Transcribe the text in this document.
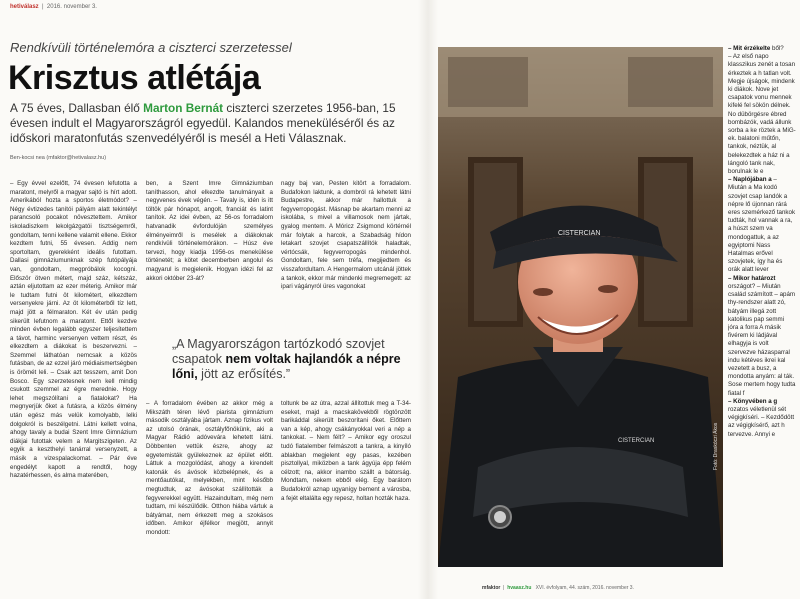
hetiválasz  |  2016. november 3.
Rendkívüli történelemóra a ciszterci szerzetessel
Krisztus atlétája
A 75 éves, Dallasban élő Marton Bernát ciszterci szerzetes 1956-ban, 15 évesen indult el Magyarországról egyedül. Kalandos meneküléséről és az időskori maratonfutás szenvedélyéről is mesél a Heti Válasznak.
Ben-kocsi nea (mfaktor@hetivalasz.hu)

– Egy évvel ezelőtt, 74 évesen lefutotta a maratont, melyről a magyar sajtó is hírt adott. Amerikából hozta a sportos életmódot? – Négy évtizedes tanítói pályám alatt tekintélyt parancsoló pocakot növesztettem. Amikor iskoladiszkem lekolgázgatói tisztségemről, gondoltam, tenni kellene valamit ellene. Ekkor kezdtem futni, 55 évesen. Addig nem sportoltam, gyerekként ideális futottam. Dallasi gimnáziumunknak szép futópályája van, gondoltam, megpróbálok kocogni. Először ötven métert, majd száz, kétszáz, aztán eljutottam az ezer méterig. Amikor már le tudtam futni öt kilométert, elkezdtem versenyekre járni. Az öt kilométerből tíz lett, majd jött a félmaraton. Két év után pedig sikerült lefutnom a maratont. Ettől kezdve minden évben legalább egyszer teljesítettem a távot, harminc versenyen vettem részt, és elkezdtem a diákokat is beszervezni. – Szemmel láthatóan nemcsak a közös futásban, de az ezzel járó médiaismertségben is örömét leli. – Csak azt tesszem, amit Don Bosco. Egy szerzetesnek nem kell mindig csukott szemmel az égre merednie. Hogy lehet megszólítani a fiatalokat? Ha megnyerjük őket a futásra, a közös élmény után egész más velük komolyabb, lelki dolgokról is beszélgetni. Látni kellett volna, ahogy tavaly a budai Szent Imre Gimnázium diákjai futottak velem a Margitszigeten. Az egyik a keszthelyi tanárral versenyzett, a másik a vizespalackomat. – Pár éve engedélyt kapott a rendtől, hogy hazatérhessen, és alma materében,

ben, a Szent Imre Gimnáziumban taníthasson, ahol elkezdte tanulmányait a negyvenes évek végén. – Tavaly is, idén is itt töltök pár hónapot, angolt, franciát és latint tanítok. Az idei évben, az 56-os forradalom hatvanadik évfordulóján személyes élményeimről is mesélek a diákoknak rendkívüli történelemórákon. – Húsz éve tervezi, hogy kiadja 1956-os menekülése történetét; a kötet decemberben angolul és magyarul is megjelenik. Hogyan idézi fel az akkori október 23-át?

nagy baj van, Pesten kitört a forradalom. Budafokon laktunk, a dombról rá lehetett látni Budapestre, akkor már hallottuk a fegyverropogást. Másnap be akartam menni az iskolába, s mivel a villamosok nem jártak, gyalog mentem. A Móricz Zsigmond körtérnél már folytak a harcok, a Szabadság hídon letakart szovjet csapatszállítók haladtak, vértócsák, fegyverropogás mindenhol. Gondoltam, fele sem tréfa, megijedtem és visszafordultam. A Hengermalom utcánál jöttek a tankok, ekkor már mindenki megremegett: az ipari vágányról üres vagonokat

„A Magyarországon tartózkodó szovjet csapatok nem voltak hajlandók a népre lőni, jött az erősítés.”

– A forradalom évében az akkor még a Mikszáth téren lévő piarista gimnázium második osztályába jártam. Aznap fizikus volt az utolsó órának, osztályfőnökünk, aki a Magyar Rádió adóvevára lehetett látni. Döbbenten vettük észre, ahogy az egyetemisták gyülekeznek az épület előtt. Láttuk a mozgolódást, ahogy a kirendelt katonák és ávósok közbelépnek, és a mentőautókat, melyekben, mint később megtudtuk, az ávósokat szállították a fegyverekkel együtt. Hazaindultam, még nem tudtam, mi készülődik. Otthon hiába vártuk a bátyámat, nem érkezett meg a szokásos időben. Amikor éjfélkor megjött, annyit mondott:

toltunk be az útra, azzal állítottuk meg a T-34-eseket, majd a macskakövekből rögtönzött barikáddal sikerült beszorítani őket. Előttem van a kép, ahogy csákányokkal veri a nép a tankokat. – Nem félt? – Amikor egy oroszul tudó fiatalember felmászott a tankra, a kinyíló ablakban megjelent egy pasas, kezében pisztollyal, miközben a tank ágyúja épp felém célzott; na, akkor inambo szállt a bátorság. Mondtam, nekem ebből elég. Egy barátom Budafokról aznap ugyanígy bement a városba, a fejét eltalálta egy repesz, holtan hozták haza.

CISTERCIAN
CISTERCIAN	Fotó: Draskóczi Ákos

– Mit érzékelte ből?

– Az első napo klasszikus zenét a tosan érkeztek a h tatlan volt. Megje újságok, mindenk ki diákok. Nove jet csapatok vonu mennek kifelé fel sökön délnek. No dübörgésre ébred bombázók, vadá állunk sorba a ke röztek a MiG-ek. balatoni műtőn, tankok, néztük, al belekezdtek a ház ni a lángoló tank nak, borulnak le e

– Naplójában a – Miután a Ma kodó szovjet csap landók a népre lő újonnan rárá eres szemérkező tankok tudták, hol vannak a ra, a húszt szem va mondogattuk, a az egyiptomi Nass Hatalmas erővel szovjetek, így ha és orák alatt lever

– Mikor határozt országot? – Miután család számított – apám thy-rendszer alatt zó, bátyám illegá zott katolikus pap semmi jóra a forra A másik fivérem ki ládjával elhagyja is volt szervezve házasparral indu kétéves ikrei kal vezetett a busz, a mondotta anyám: al ták. Sose mertem hogy tudta fiatal f

– Könyvében a g rozatos véletlenül sét végigkíséri. – Kezdődött az végigkísérő, azt h tervezve. Annyi e

mfaktor  |  hvaasz.hu XVI. évfolyam, 44. szám, 2016. november 3.
